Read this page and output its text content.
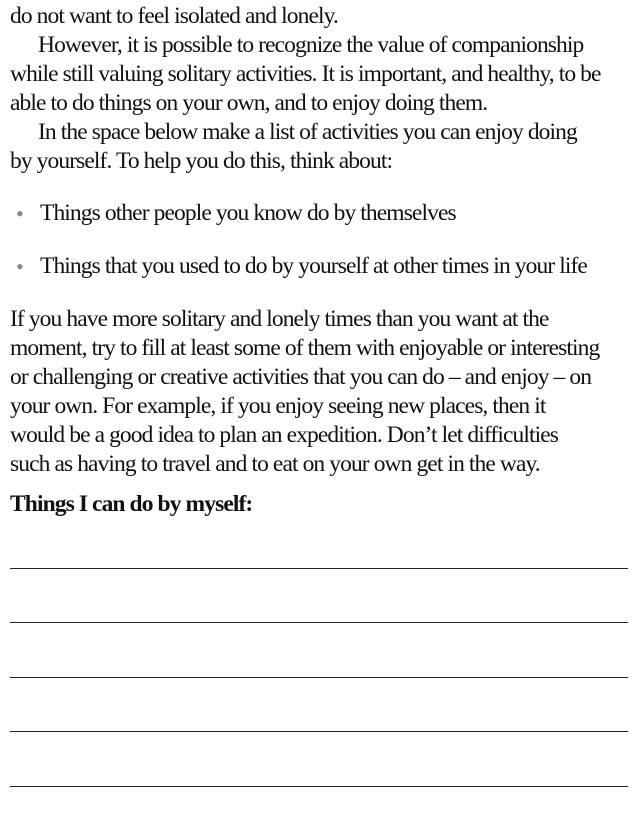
do not want to feel isolated and lonely.

However, it is possible to recognize the value of companionship

while still valuing solitary activities. It is important, and healthy, to be

able to do things on your own, and to enjoy doing them.

In the space below make a list of activities you can enjoy doing

by yourself. To help you do this, think about:

• Things other people you know do by themselves
• Things that you used to do by yourself at other times in your life

If you have more solitary and lonely times than you want at the

moment, try to fill at least some of them with enjoyable or interesting

or challenging or creative activities that you can do – and enjoy – on

your own. For example, if you enjoy seeing new places, then it

would be a good idea to plan an expedition. Don’t let difficulties

such as having to travel and to eat on your own get in the way.

Things I can do by myself:
